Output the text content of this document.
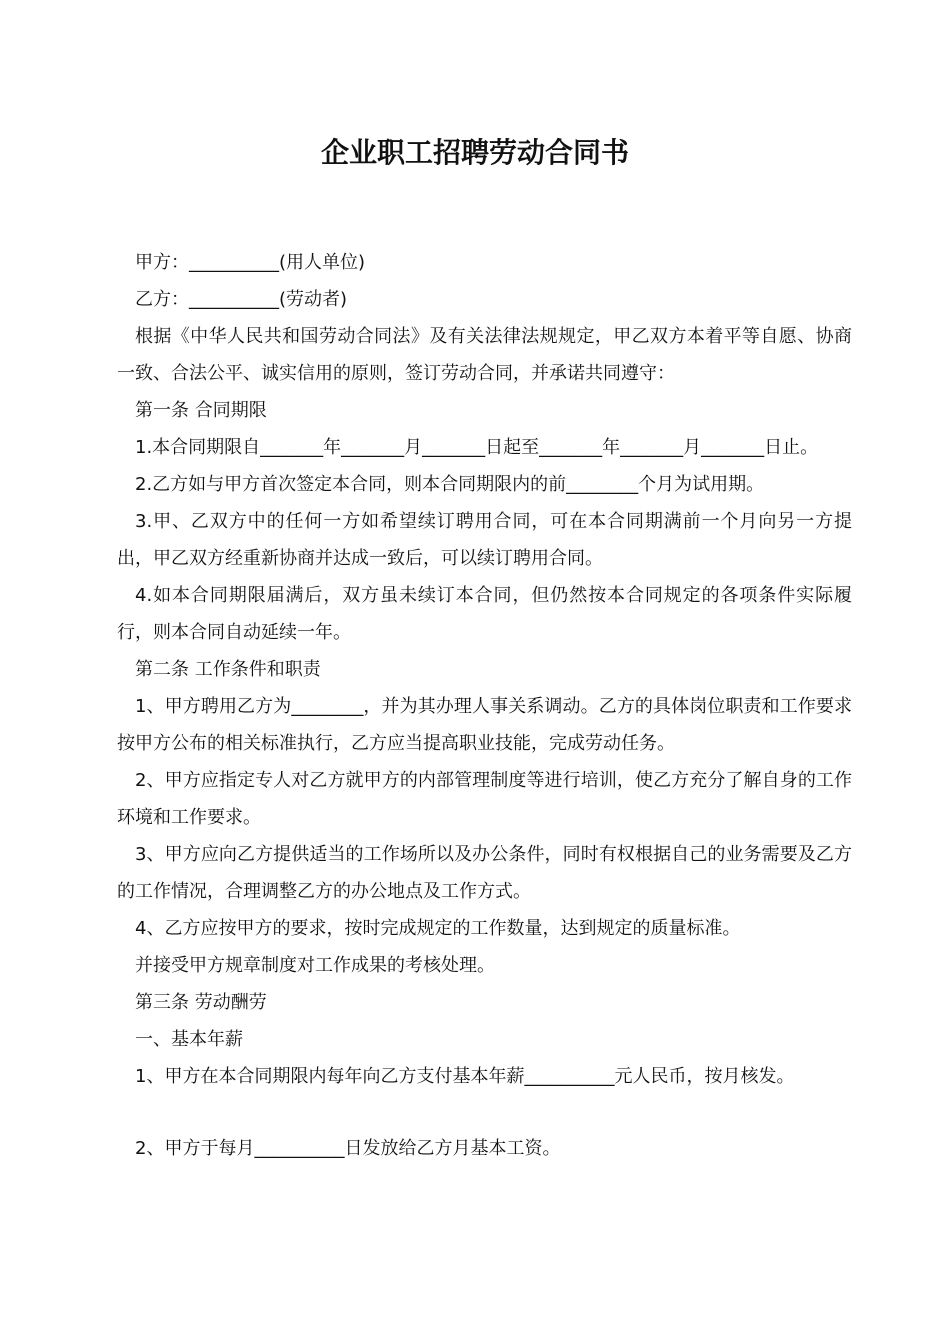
企业职工招聘劳动合同书

甲方：__________(用人单位)

乙方：__________(劳动者)

根据《中华人民共和国劳动合同法》及有关法律法规规定，甲乙双方本着平等自愿、协商一致、合法公平、诚实信用的原则，签订劳动合同，并承诺共同遵守：

第一条 合同期限

1.本合同期限自_______年_______月_______日起至_______年_______月_______日止。

2.乙方如与甲方首次签定本合同，则本合同期限内的前________个月为试用期。

3.甲、乙双方中的任何一方如希望续订聘用合同，可在本合同期满前一个月向另一方提出，甲乙双方经重新协商并达成一致后，可以续订聘用合同。

4.如本合同期限届满后，双方虽未续订本合同，但仍然按本合同规定的各项条件实际履行，则本合同自动延续一年。

第二条 工作条件和职责

1、甲方聘用乙方为________，并为其办理人事关系调动。乙方的具体岗位职责和工作要求按甲方公布的相关标准执行，乙方应当提高职业技能，完成劳动任务。

2、甲方应指定专人对乙方就甲方的内部管理制度等进行培训，使乙方充分了解自身的工作环境和工作要求。

3、甲方应向乙方提供适当的工作场所以及办公条件，同时有权根据自己的业务需要及乙方的工作情况，合理调整乙方的办公地点及工作方式。

4、乙方应按甲方的要求，按时完成规定的工作数量，达到规定的质量标准。

并接受甲方规章制度对工作成果的考核处理。

第三条 劳动酬劳

一、基本年薪

1、甲方在本合同期限内每年向乙方支付基本年薪__________元人民币，按月核发。

2、甲方于每月__________日发放给乙方月基本工资。
